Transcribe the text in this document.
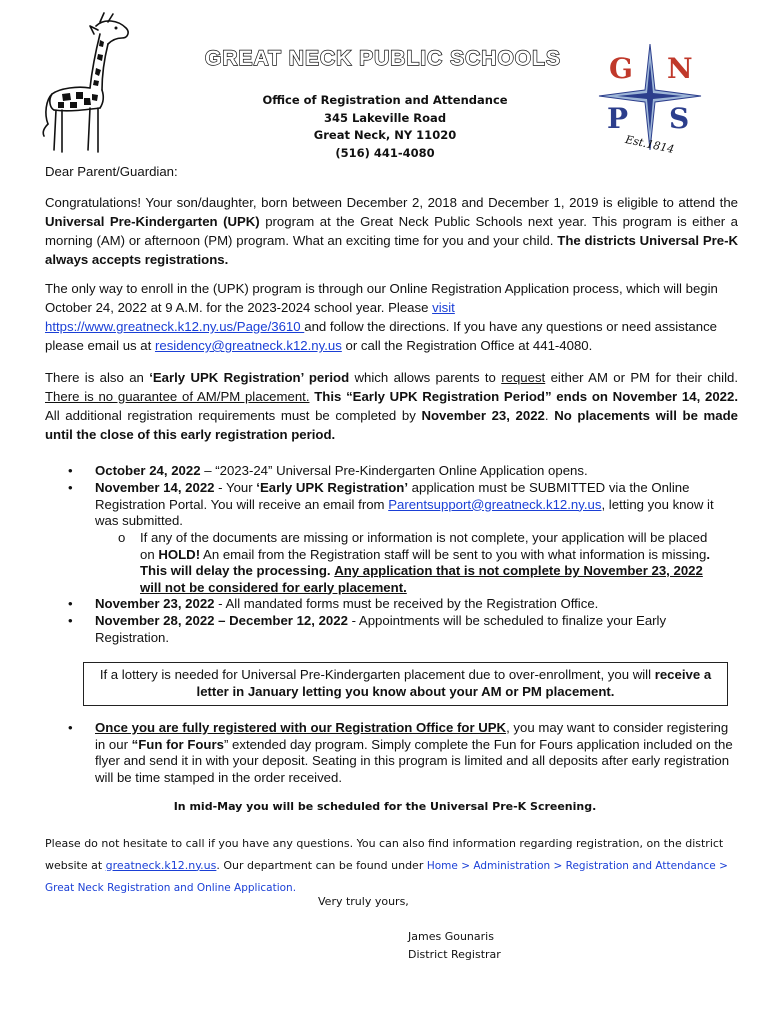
GREAT NECK PUBLIC SCHOOLS G N
P S
Est.1814
Office of Registration and Attendance
345 Lakeville Road
Great Neck, NY 11020
(516) 441-4080
Dear Parent/Guardian:
Congratulations! Your son/daughter, born between December 2, 2018 and December 1, 2019 is eligible to attend the Universal Pre-Kindergarten (UPK) program at the Great Neck Public Schools next year. This program is either a morning (AM) or afternoon (PM) program. What an exciting time for you and your child. The districts Universal Pre-K always accepts registrations.
The only way to enroll in the (UPK) program is through our Online Registration Application process, which will begin October 24, 2022 at 9 A.M. for the 2023-2024 school year. Please visit
https://www.greatneck.k12.ny.us/Page/3610 and follow the directions. If you have any questions or need assistance please email us at residency@greatneck.k12.ny.us or call the Registration Office at 441-4080.
There is also an ‘Early UPK Registration’ period which allows parents to request either AM or PM for their child. There is no guarantee of AM/PM placement. This “Early UPK Registration Period” ends on November 14, 2022. All additional registration requirements must be completed by November 23, 2022. No placements will be made until the close of this early registration period.
•	October 24, 2022 – “2023-24” Universal Pre-Kindergarten Online Application opens.
•	November 14, 2022 - Your ‘Early UPK Registration’ application must be SUBMITTED via the Online Registration Portal. You will receive an email from Parentsupport@greatneck.k12.ny.us, letting you know it was submitted.
o If any of the documents are missing or information is not complete, your application will be placed on HOLD! An email from the Registration staff will be sent to you with what information is missing. This will delay the processing. Any application that is not complete by November 23, 2022 will not be considered for early placement.
•	November 23, 2022 - All mandated forms must be received by the Registration Office.
•	November 28, 2022 – December 12, 2022 - Appointments will be scheduled to finalize your Early Registration.
If a lottery is needed for Universal Pre-Kindergarten placement due to over-enrollment, you will receive a letter in January letting you know about your AM or PM placement.
•	Once you are fully registered with our Registration Office for UPK, you may want to consider registering in our “Fun for Fours” extended day program. Simply complete the Fun for Fours application included on the flyer and send it in with your deposit. Seating in this program is limited and all deposits after early registration will be time stamped in the order received.
In mid-May you will be scheduled for the Universal Pre-K Screening.
Please do not hesitate to call if you have any questions. You can also find information regarding registration, on the district website at greatneck.k12.ny.us. Our department can be found under Home > Administration > Registration and Attendance > Great Neck Registration and Online Application.
Very truly yours,
James Gounaris
District Registrar
